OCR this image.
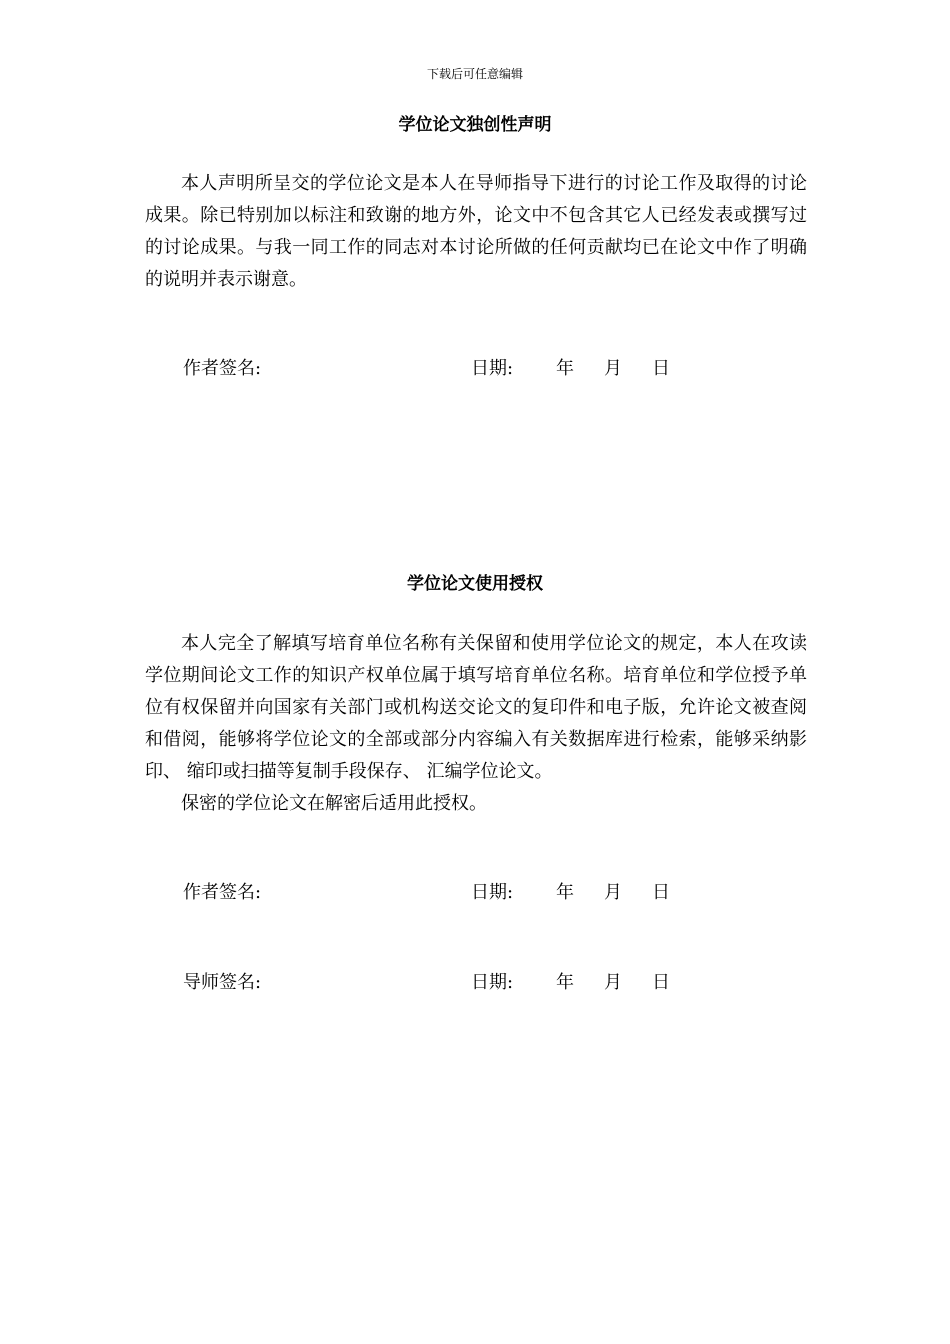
下载后可任意编辑
学位论文独创性声明

本人声明所呈交的学位论文是本人在导师指导下进行的讨论工作及取得的讨论成果。除已特别加以标注和致谢的地方外，论文中不包含其它人已经发表或撰写过的讨论成果。与我一同工作的同志对本讨论所做的任何贡献均已在论文中作了明确的说明并表示谢意。

作者签名:	日期: 年 月 日
学位论文使用授权

本人完全了解填写培育单位名称有关保留和使用学位论文的规定，本人在攻读学位期间论文工作的知识产权单位属于填写培育单位名称。培育单位和学位授予单位有权保留并向国家有关部门或机构送交论文的复印件和电子版，允许论文被查阅和借阅，能够将学位论文的全部或部分内容编入有关数据库进行检索，能够采纳影印、 缩印或扫描等复制手段保存、 汇编学位论文。

保密的学位论文在解密后适用此授权。

作者签名:	日期: 年 月 日
导师签名:	日期: 年 月 日
